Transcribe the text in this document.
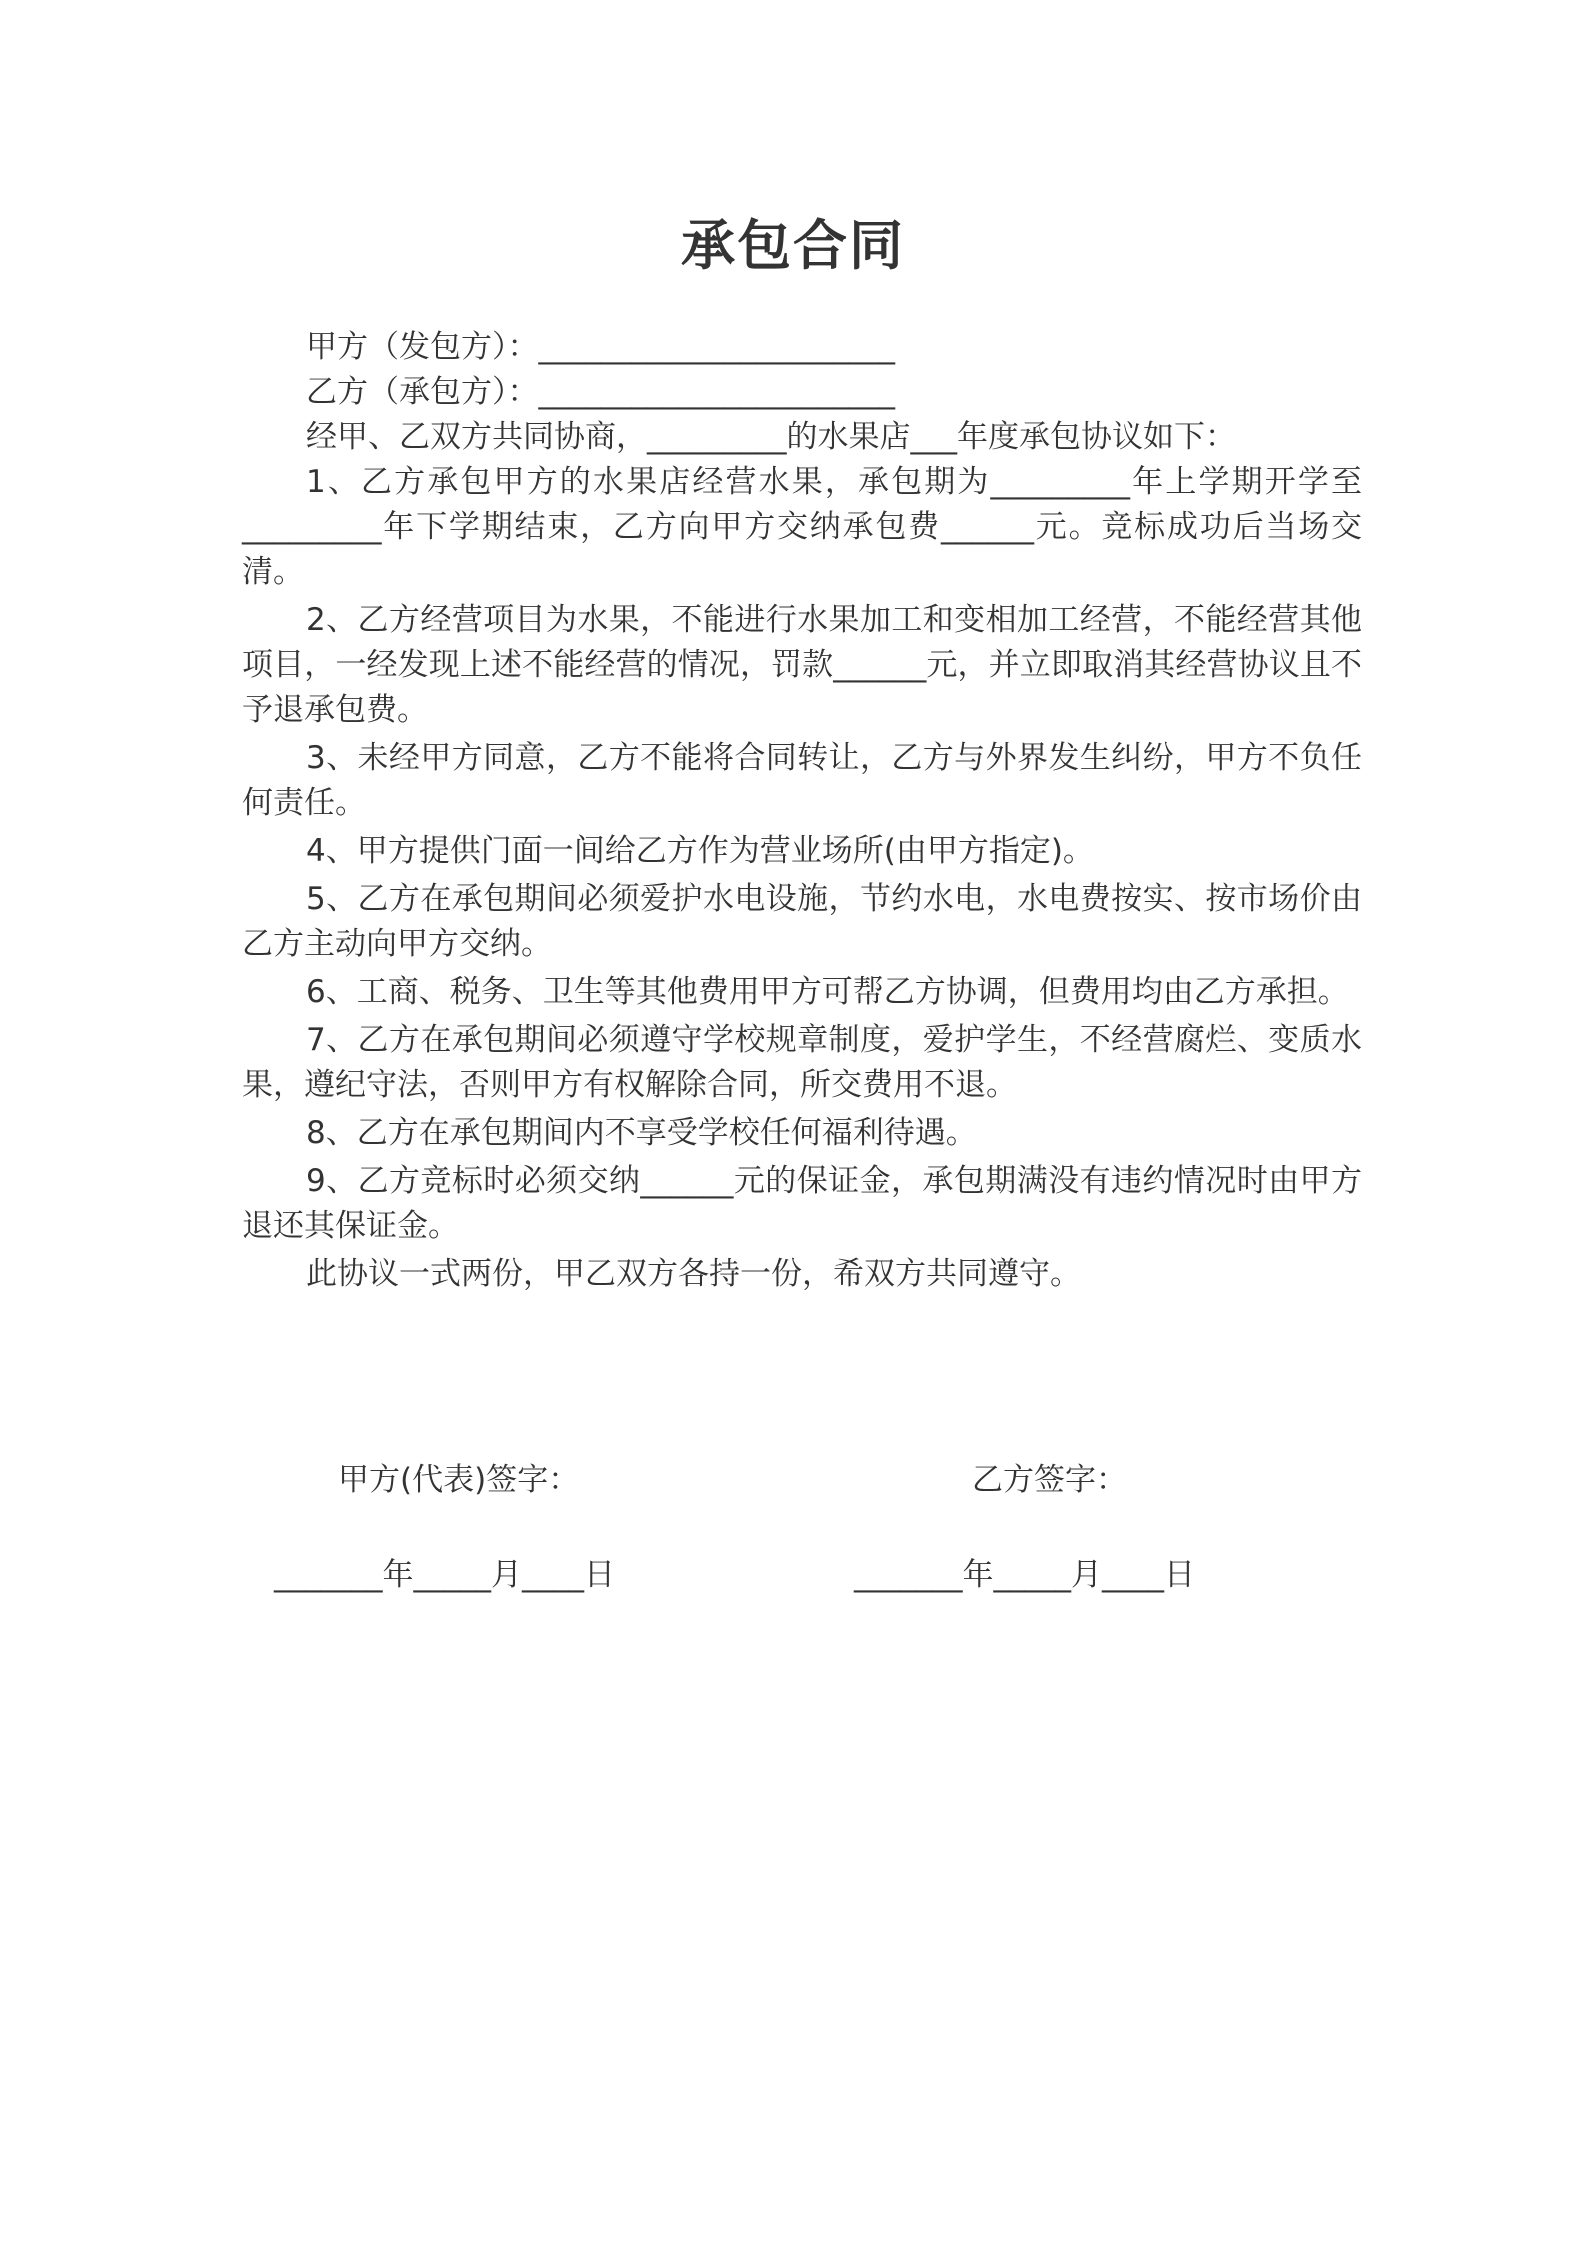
承包合同

甲方（发包方）：_______________________

乙方（承包方）：_______________________

经甲、乙双方共同协商，_________的水果店___年度承包协议如下：

1、乙方承包甲方的水果店经营水果，承包期为_________年上学期开学至_________年下学期结束，乙方向甲方交纳承包费______元。竞标成功后当场交清。

2、乙方经营项目为水果，不能进行水果加工和变相加工经营，不能经营其他项目，一经发现上述不能经营的情况，罚款______元，并立即取消其经营协议且不予退承包费。

3、未经甲方同意，乙方不能将合同转让，乙方与外界发生纠纷，甲方不负任何责任。

4、甲方提供门面一间给乙方作为营业场所(由甲方指定)。

5、乙方在承包期间必须爱护水电设施，节约水电，水电费按实、按市场价由乙方主动向甲方交纳。

6、工商、税务、卫生等其他费用甲方可帮乙方协调，但费用均由乙方承担。

7、乙方在承包期间必须遵守学校规章制度，爱护学生，不经营腐烂、变质水果，遵纪守法，否则甲方有权解除合同，所交费用不退。

8、乙方在承包期间内不享受学校任何福利待遇。

9、乙方竞标时必须交纳______元的保证金，承包期满没有违约情况时由甲方退还其保证金。

此协议一式两份，甲乙双方各持一份，希双方共同遵守。

甲方(代表)签字：	乙方签字：
_______年_____月____日	_______年_____月____日
